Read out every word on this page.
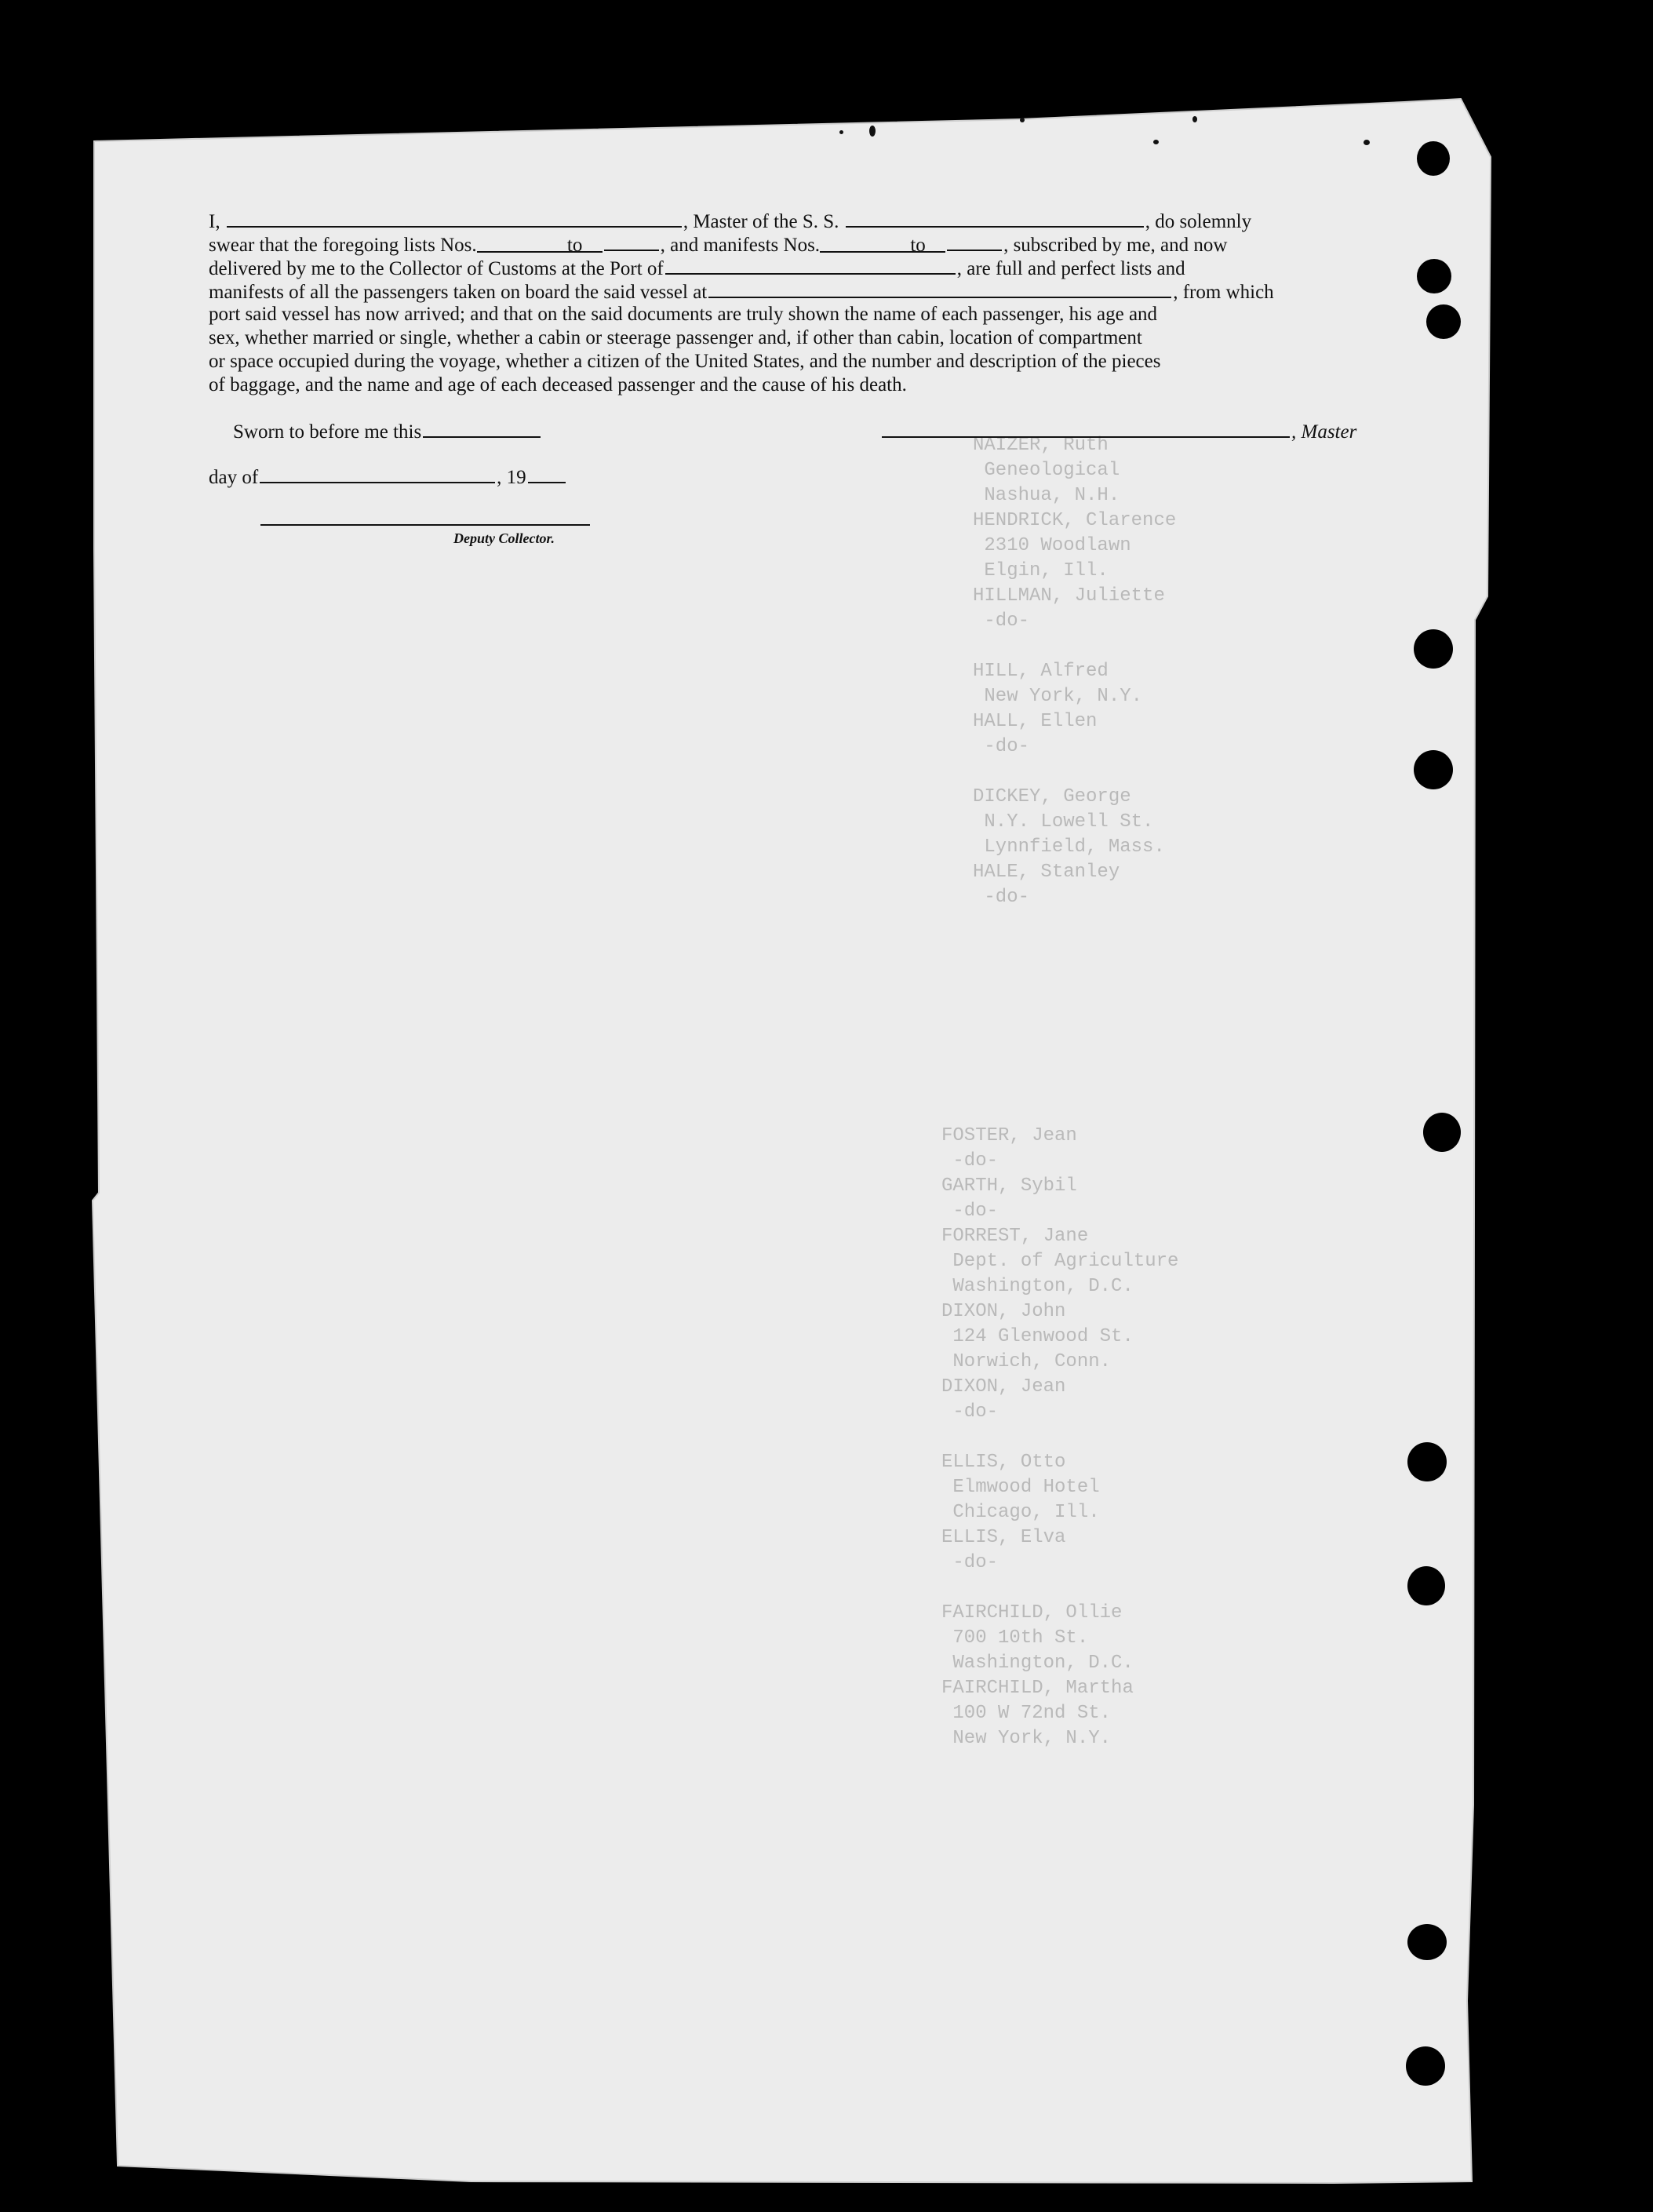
NAIZER, Ruth
Geneological
Nashua, N.H.
HENDRICK, Clarence
2310 Woodlawn
Elgin, Ill.
HILLMAN, Juliette
-do-

HILL, Alfred
New York, N.Y.
HALL, Ellen
-do-

DICKEY, George
N.Y. Lowell St.
Lynnfield, Mass.
HALE, Stanley
-do-

FOSTER, Jean
-do-
GARTH, Sybil
-do-
FORREST, Jane
Dept. of Agriculture
Washington, D.C.
DIXON, John
124 Glenwood St.
Norwich, Conn.
DIXON, Jean
-do-

ELLIS, Otto
Elmwood Hotel
Chicago, Ill.
ELLIS, Elva
-do-

FAIRCHILD, Ollie
700 10th St.
Washington, D.C.
FAIRCHILD, Martha
100 W 72nd St.
New York, N.Y.
I,	, Master of the S. S.	, do solemnly
swear that the foregoing lists Nos.	to	, and manifests Nos.	to	, subscribed by me, and now
delivered by me to the Collector of Customs at the Port of	, are full and perfect lists and
manifests of all the passengers taken on board the said vessel at	, from which
port said vessel has now arrived; and that on the said documents are truly shown the name of each passenger, his age and
sex, whether married or single, whether a cabin or steerage passenger and, if other than cabin, location of compartment
or space occupied during the voyage, whether a citizen of the United States, and the number and description of the pieces
of baggage, and the name and age of each deceased passenger and the cause of his death.
Sworn to before me this	, Master
day of	, 19
Deputy Collector.
